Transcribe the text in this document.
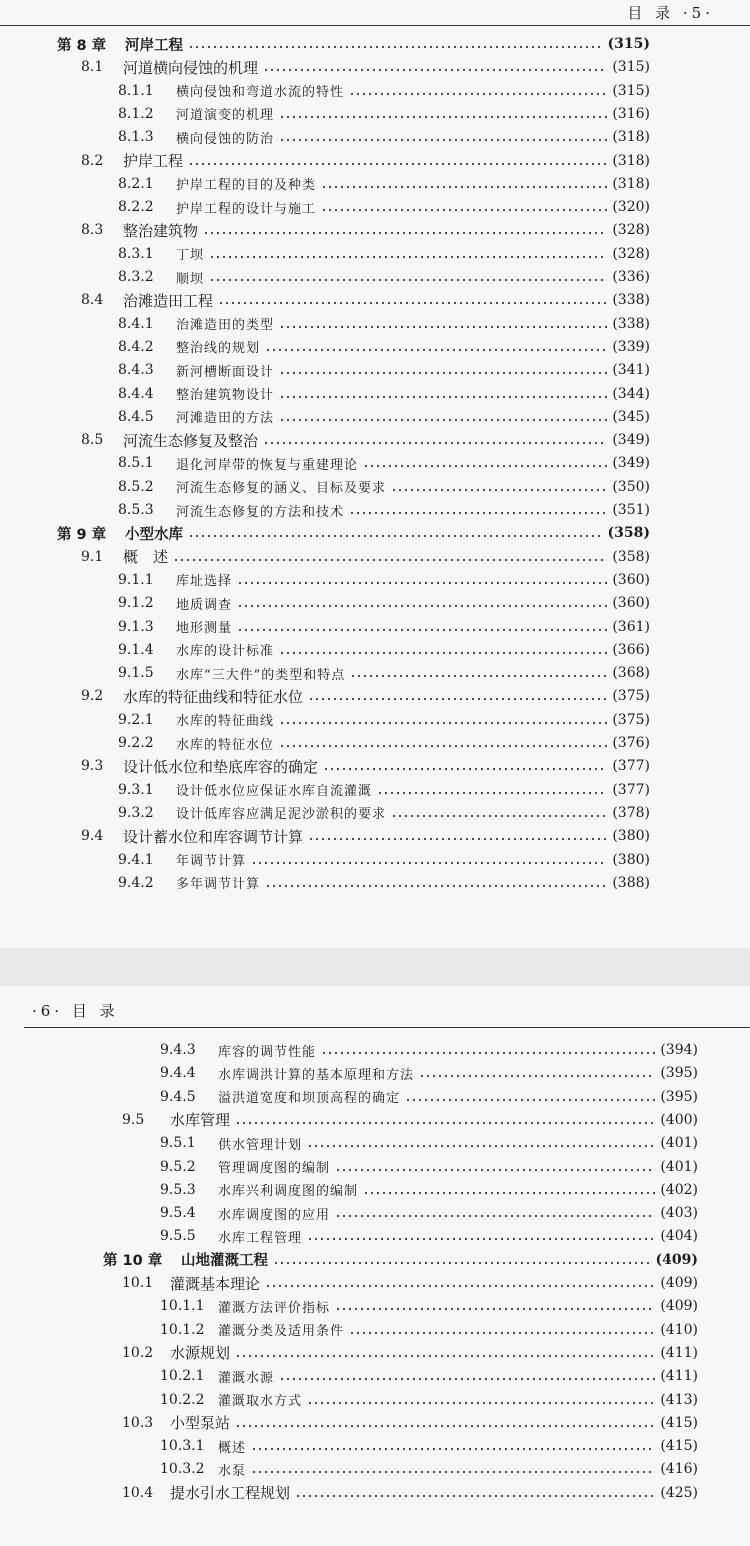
目 录 ·5·
第 8 章	河岸工程	(315)
8.1	河道横向侵蚀的机理	(315)
8.1.1	横向侵蚀和弯道水流的特性	(315)
8.1.2	河道演变的机理	(316)
8.1.3	横向侵蚀的防治	(318)
8.2	护岸工程	(318)
8.2.1	护岸工程的目的及种类	(318)
8.2.2	护岸工程的设计与施工	(320)
8.3	整治建筑物	(328)
8.3.1	丁坝	(328)
8.3.2	顺坝	(336)
8.4	治滩造田工程	(338)
8.4.1	治滩造田的类型	(338)
8.4.2	整治线的规划	(339)
8.4.3	新河槽断面设计	(341)
8.4.4	整治建筑物设计	(344)
8.4.5	河滩造田的方法	(345)
8.5	河流生态修复及整治	(349)
8.5.1	退化河岸带的恢复与重建理论	(349)
8.5.2	河流生态修复的涵义、目标及要求	(350)
8.5.3	河流生态修复的方法和技术	(351)
第 9 章	小型水库	(358)
9.1	概　述	(358)
9.1.1	库址选择	(360)
9.1.2	地质调查	(360)
9.1.3	地形测量	(361)
9.1.4	水库的设计标准	(366)
9.1.5	水库“三大件”的类型和特点	(368)
9.2	水库的特征曲线和特征水位	(375)
9.2.1	水库的特征曲线	(375)
9.2.2	水库的特征水位	(376)
9.3	设计低水位和垫底库容的确定	(377)
9.3.1	设计低水位应保证水库自流灌溉	(377)
9.3.2	设计低库容应满足泥沙淤积的要求	(378)
9.4	设计蓄水位和库容调节计算	(380)
9.4.1	年调节计算	(380)
9.4.2	多年调节计算	(388)
·6· 目 录
9.4.3	库容的调节性能	(394)
9.4.4	水库调洪计算的基本原理和方法	(395)
9.4.5	溢洪道宽度和坝顶高程的确定	(395)
9.5	水库管理	(400)
9.5.1	供水管理计划	(401)
9.5.2	管理调度图的编制	(401)
9.5.3	水库兴利调度图的编制	(402)
9.5.4	水库调度图的应用	(403)
9.5.5	水库工程管理	(404)
第 10 章	山地灌溉工程	(409)
10.1	灌溉基本理论	(409)
10.1.1	灌溉方法评价指标	(409)
10.1.2	灌溉分类及适用条件	(410)
10.2	水源规划	(411)
10.2.1	灌溉水源	(411)
10.2.2	灌溉取水方式	(413)
10.3	小型泵站	(415)
10.3.1	概述	(415)
10.3.2	水泵	(416)
10.4	提水引水工程规划	(425)
